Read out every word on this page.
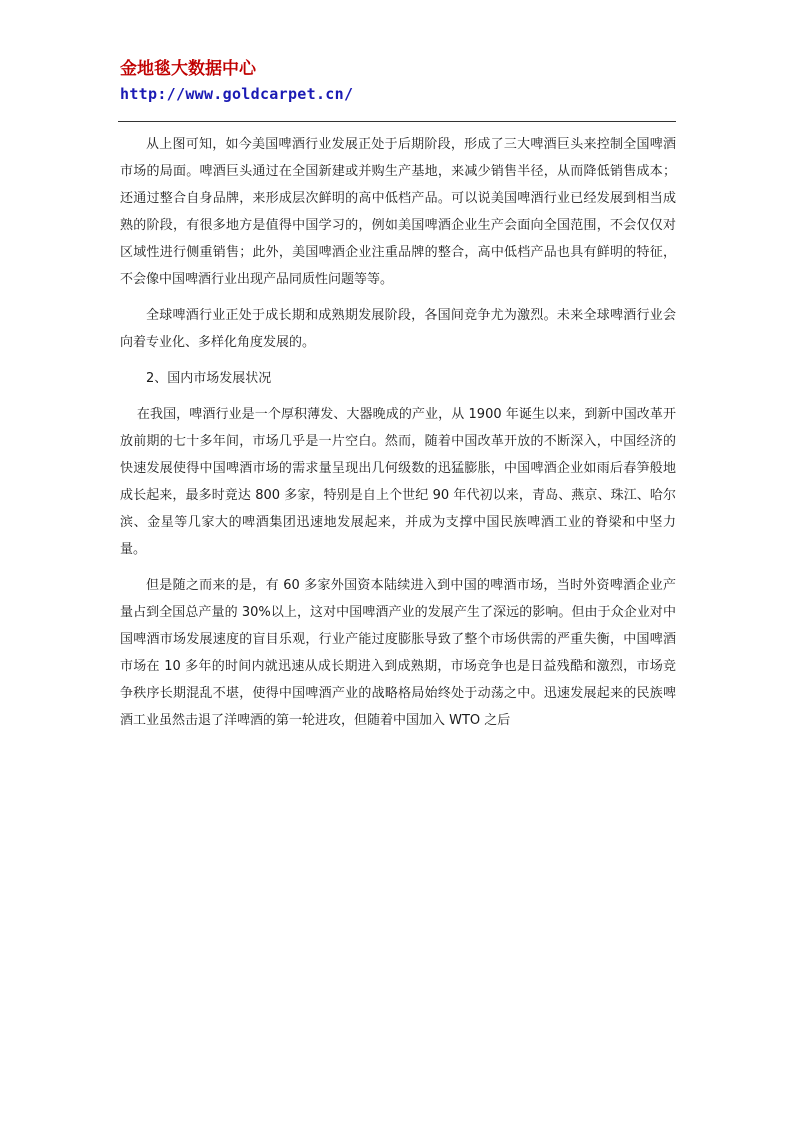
金地毯大数据中心
http://www.goldcarpet.cn/

从上图可知，如今美国啤酒行业发展正处于后期阶段，形成了三大啤酒巨头来控制全国啤酒市场的局面。啤酒巨头通过在全国新建或并购生产基地，来减少销售半径，从而降低销售成本；还通过整合自身品牌，来形成层次鲜明的高中低档产品。可以说美国啤酒行业已经发展到相当成熟的阶段，有很多地方是值得中国学习的，例如美国啤酒企业生产会面向全国范围，不会仅仅对区域性进行侧重销售；此外，美国啤酒企业注重品牌的整合，高中低档产品也具有鲜明的特征，不会像中国啤酒行业出现产品同质性问题等等。

全球啤酒行业正处于成长期和成熟期发展阶段，各国间竞争尤为激烈。未来全球啤酒行业会向着专业化、多样化角度发展的。

2、国内市场发展状况

在我国，啤酒行业是一个厚积薄发、大器晚成的产业，从 1900 年诞生以来，到新中国改革开放前期的七十多年间，市场几乎是一片空白。然而，随着中国改革开放的不断深入，中国经济的快速发展使得中国啤酒市场的需求量呈现出几何级数的迅猛膨胀，中国啤酒企业如雨后春笋般地成长起来，最多时竟达 800 多家，特别是自上个世纪 90 年代初以来，青岛、燕京、珠江、哈尔滨、金星等几家大的啤酒集团迅速地发展起来，并成为支撑中国民族啤酒工业的脊梁和中坚力量。

但是随之而来的是，有 60 多家外国资本陆续进入到中国的啤酒市场，当时外资啤酒企业产量占到全国总产量的 30%以上，这对中国啤酒产业的发展产生了深远的影响。但由于众企业对中国啤酒市场发展速度的盲目乐观，行业产能过度膨胀导致了整个市场供需的严重失衡，中国啤酒市场在 10 多年的时间内就迅速从成长期进入到成熟期，市场竞争也是日益残酷和激烈，市场竞争秩序长期混乱不堪，使得中国啤酒产业的战略格局始终处于动荡之中。迅速发展起来的民族啤酒工业虽然击退了洋啤酒的第一轮进攻，但随着中国加入 WTO 之后
